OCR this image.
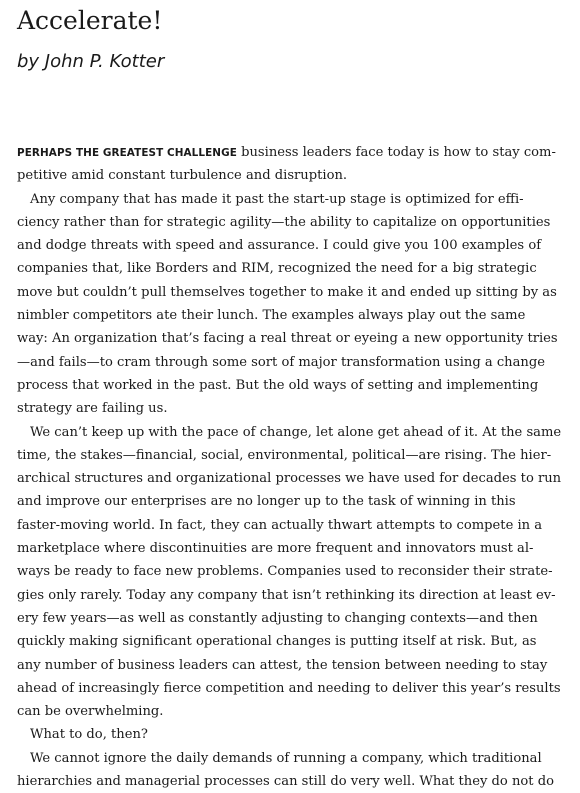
Accelerate!

by John P. Kotter

PERHAPS THE GREATEST CHALLENGE business leaders face today is how to stay com-
petitive amid constant turbulence and disruption.
Any company that has made it past the start-up stage is optimized for effi-
ciency rather than for strategic agility—the ability to capitalize on opportunities
and dodge threats with speed and assurance. I could give you 100 examples of
companies that, like Borders and RIM, recognized the need for a big strategic
move but couldn’t pull themselves together to make it and ended up sitting by as
nimbler competitors ate their lunch. The examples always play out the same
way: An organization that’s facing a real threat or eyeing a new opportunity tries
—and fails—to cram through some sort of major transformation using a change
process that worked in the past. But the old ways of setting and implementing
strategy are failing us.
We can’t keep up with the pace of change, let alone get ahead of it. At the same
time, the stakes—financial, social, environmental, political—are rising. The hier-
archical structures and organizational processes we have used for decades to run
and improve our enterprises are no longer up to the task of winning in this
faster-moving world. In fact, they can actually thwart attempts to compete in a
marketplace where discontinuities are more frequent and innovators must al-
ways be ready to face new problems. Companies used to reconsider their strate-
gies only rarely. Today any company that isn’t rethinking its direction at least ev-
ery few years—as well as constantly adjusting to changing contexts—and then
quickly making significant operational changes is putting itself at risk. But, as
any number of business leaders can attest, the tension between needing to stay
ahead of increasingly fierce competition and needing to deliver this year’s results
can be overwhelming.
What to do, then?
We cannot ignore the daily demands of running a company, which traditional
hierarchies and managerial processes can still do very well. What they do not do
